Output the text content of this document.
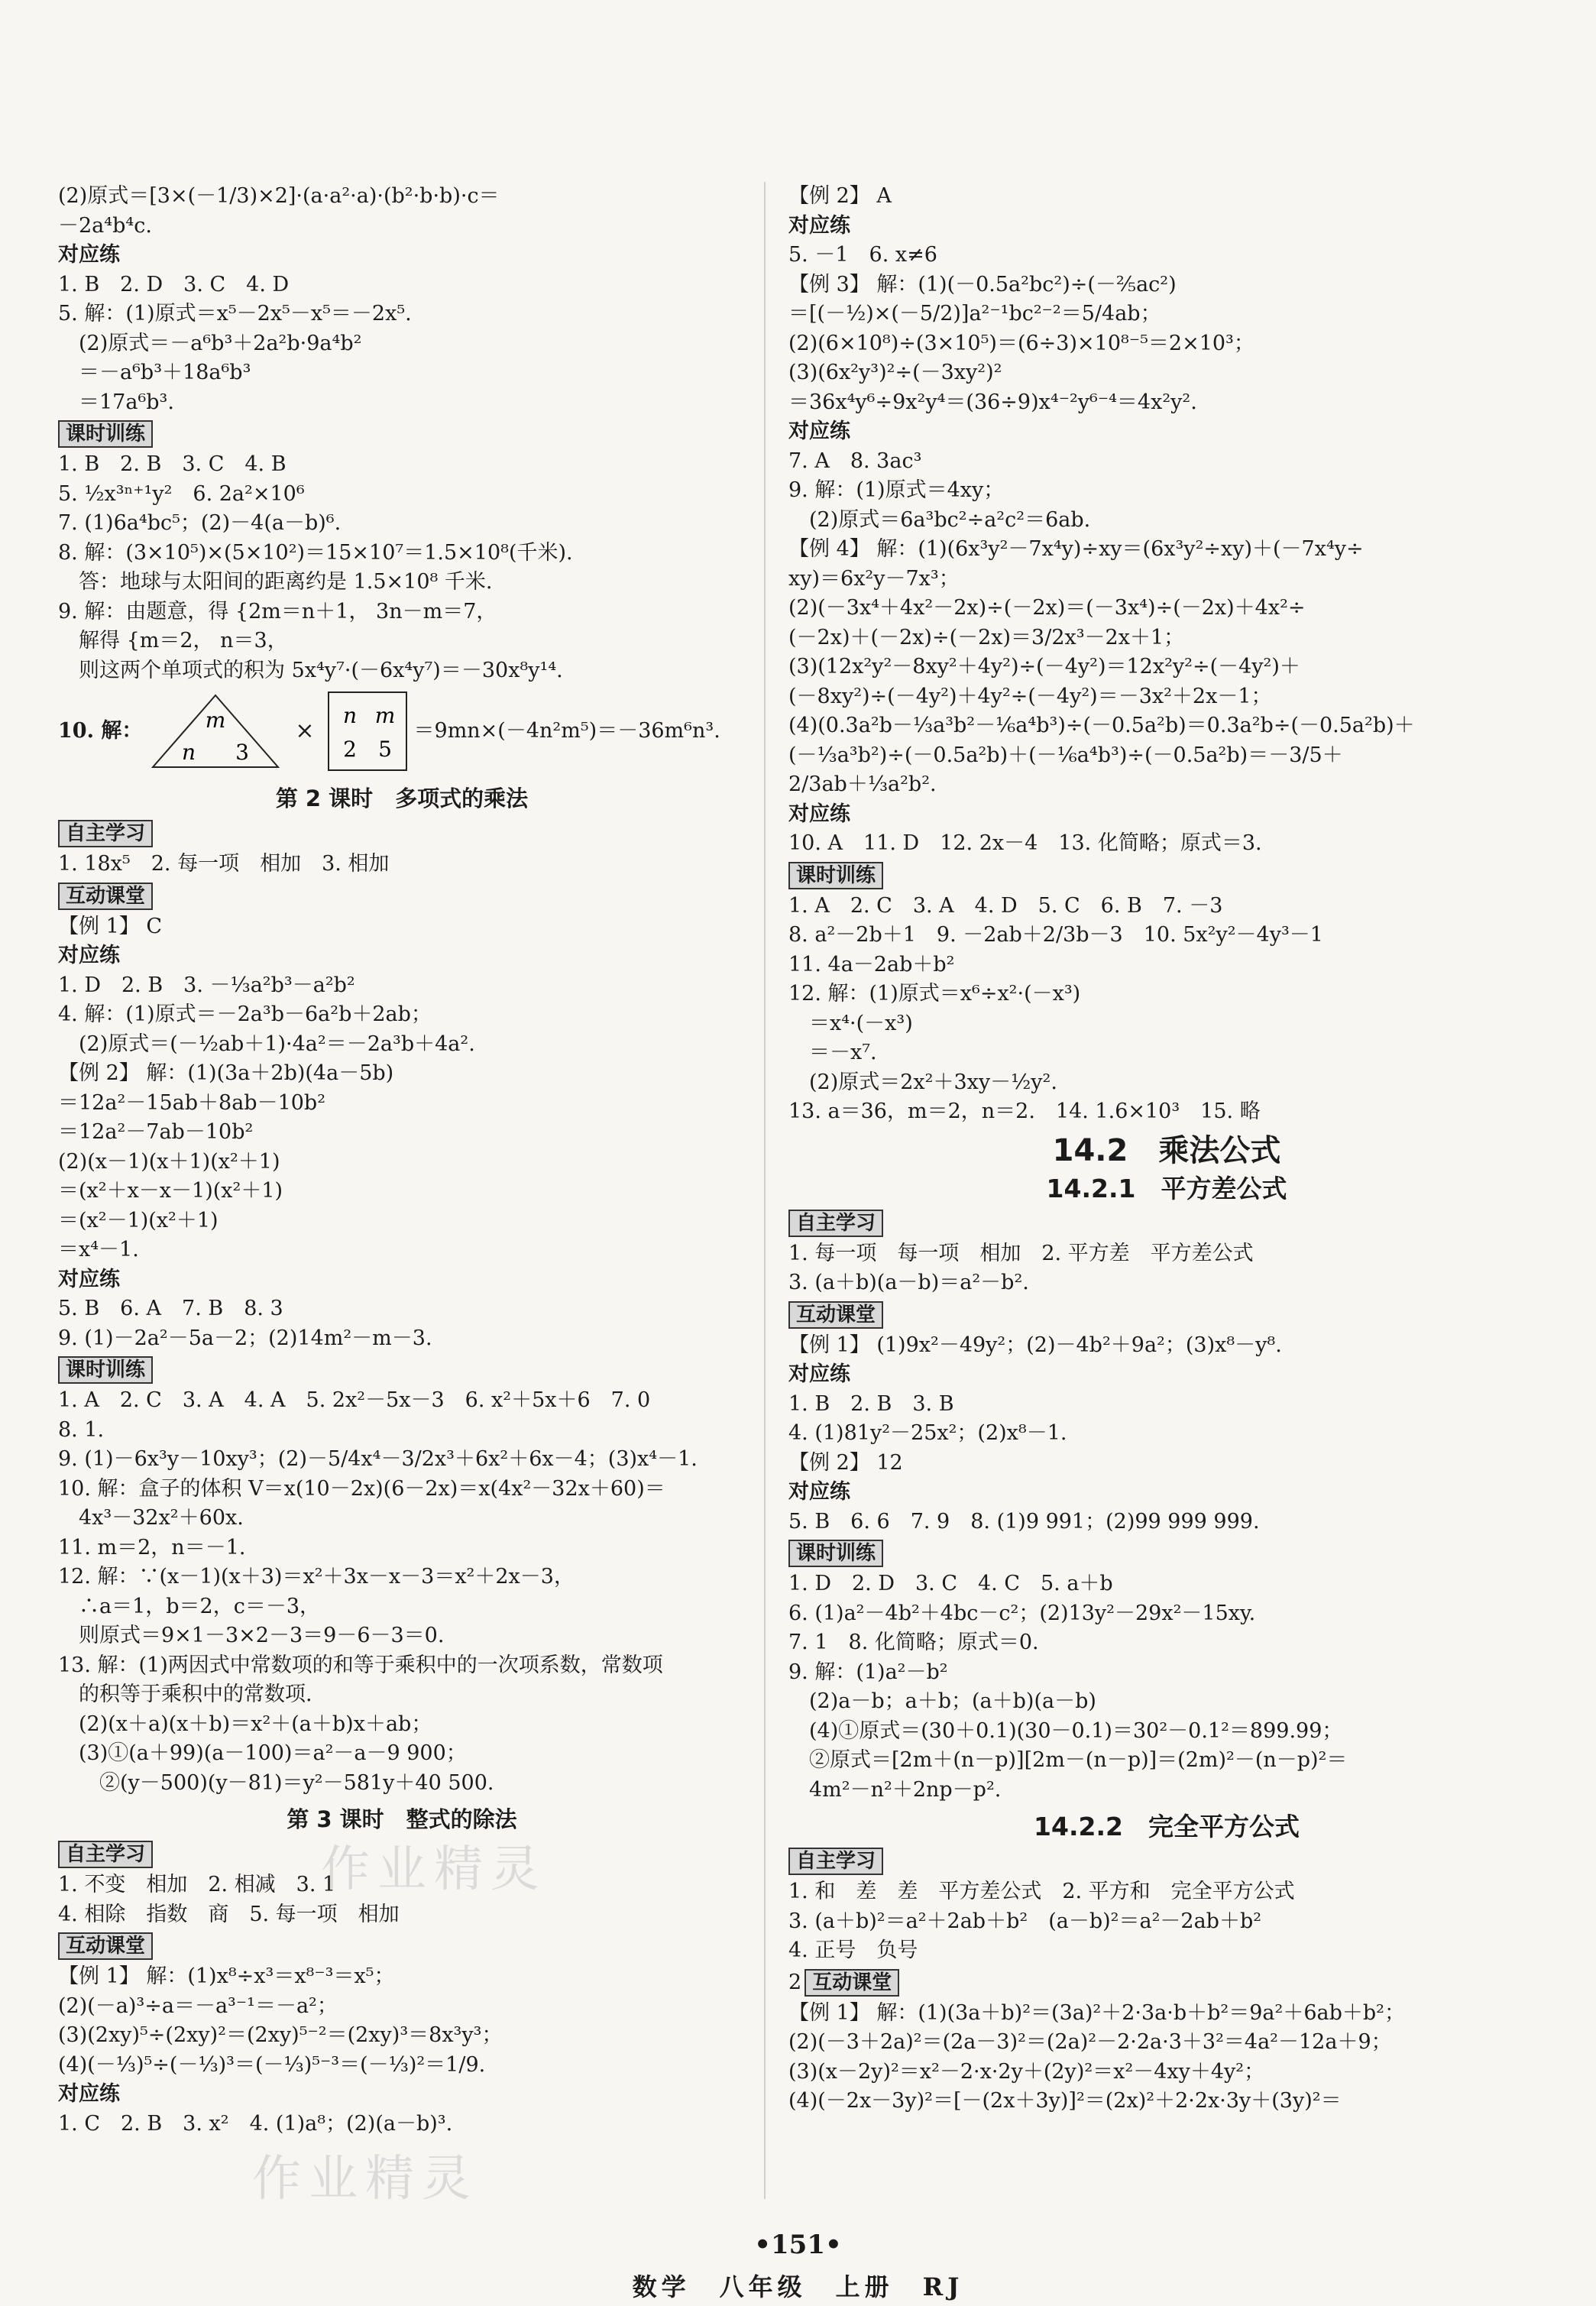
(2)原式＝[3×(－1/3)×2]·(a·a²·a)·(b²·b·b)·c＝
－2a⁴b⁴c.
对应练
1. B　2. D　3. C　4. D
5. 解：(1)原式＝x⁵－2x⁵－x⁵＝－2x⁵.
　(2)原式＝－a⁶b³＋2a²b·9a⁴b²
　＝－a⁶b³＋18a⁶b³
　＝17a⁶b³.
课时训练
1. B　2. B　3. C　4. B
5. ½x³ⁿ⁺¹y²　6. 2a²×10⁶
7. (1)6a⁴bc⁵；(2)－4(a－b)⁶.
8. 解：(3×10⁵)×(5×10²)＝15×10⁷＝1.5×10⁸(千米).
　答：地球与太阳间的距离约是 1.5×10⁸ 千米.
9. 解：由题意，得 {2m＝n＋1， 3n－m＝7，
　解得 {m＝2， n＝3，
　则这两个单项式的积为 5x⁴y⁷·(－6x⁴y⁷)＝－30x⁸y¹⁴.
10. 解：	m
n 3
×
n m
2 5
＝9mn×(－4n²m⁵)＝－36m⁶n³.
第 2 课时　多项式的乘法
自主学习
1. 18x⁵　2. 每一项　相加　3. 相加
互动课堂
【例 1】 C
对应练
1. D　2. B　3. －⅓a²b³－a²b²
4. 解：(1)原式＝－2a³b－6a²b＋2ab；
　(2)原式＝(－½ab＋1)·4a²＝－2a³b＋4a².
【例 2】 解：(1)(3a＋2b)(4a－5b)
＝12a²－15ab＋8ab－10b²
＝12a²－7ab－10b²
(2)(x－1)(x＋1)(x²＋1)
＝(x²＋x－x－1)(x²＋1)
＝(x²－1)(x²＋1)
＝x⁴－1.
对应练
5. B　6. A　7. B　8. 3
9. (1)－2a²－5a－2；(2)14m²－m－3.
课时训练
1. A　2. C　3. A　4. A　5. 2x²－5x－3　6. x²＋5x＋6　7. 0
8. 1.
9. (1)－6x³y－10xy³；(2)－5/4x⁴－3/2x³＋6x²＋6x－4；(3)x⁴－1.
10. 解：盒子的体积 V＝x(10－2x)(6－2x)＝x(4x²－32x＋60)＝
　4x³－32x²＋60x.
11. m＝2，n＝－1.
12. 解：∵(x－1)(x＋3)＝x²＋3x－x－3＝x²＋2x－3，
　∴a＝1，b＝2，c＝－3，
　则原式＝9×1－3×2－3＝9－6－3＝0.
13. 解：(1)两因式中常数项的和等于乘积中的一次项系数，常数项
　的积等于乘积中的常数项.
　(2)(x＋a)(x＋b)＝x²＋(a＋b)x＋ab；
　(3)①(a＋99)(a－100)＝a²－a－9 900；
　　②(y－500)(y－81)＝y²－581y＋40 500.
第 3 课时　整式的除法
自主学习
1. 不变　相加　2. 相减　3. 1
4. 相除　指数　商　5. 每一项　相加
互动课堂
【例 1】 解：(1)x⁸÷x³＝x⁸⁻³＝x⁵；
(2)(－a)³÷a＝－a³⁻¹＝－a²；
(3)(2xy)⁵÷(2xy)²＝(2xy)⁵⁻²＝(2xy)³＝8x³y³；
(4)(－⅓)⁵÷(－⅓)³＝(－⅓)⁵⁻³＝(－⅓)²＝1/9.
对应练
1. C　2. B　3. x²　4. (1)a⁸；(2)(a－b)³.
【例 2】 A
对应练
5. －1　6. x≠6
【例 3】 解：(1)(－0.5a²bc²)÷(－⅖ac²)
＝[(－½)×(－5/2)]a²⁻¹bc²⁻²＝5/4ab；
(2)(6×10⁸)÷(3×10⁵)＝(6÷3)×10⁸⁻⁵＝2×10³；
(3)(6x²y³)²÷(－3xy²)²
＝36x⁴y⁶÷9x²y⁴＝(36÷9)x⁴⁻²y⁶⁻⁴＝4x²y².
对应练
7. A　8. 3ac³
9. 解：(1)原式＝4xy；
　(2)原式＝6a³bc²÷a²c²＝6ab.
【例 4】 解：(1)(6x³y²－7x⁴y)÷xy＝(6x³y²÷xy)＋(－7x⁴y÷
xy)＝6x²y－7x³；
(2)(－3x⁴＋4x²－2x)÷(－2x)＝(－3x⁴)÷(－2x)＋4x²÷
(－2x)＋(－2x)÷(－2x)＝3/2x³－2x＋1；
(3)(12x²y²－8xy²＋4y²)÷(－4y²)＝12x²y²÷(－4y²)＋
(－8xy²)÷(－4y²)＋4y²÷(－4y²)＝－3x²＋2x－1；
(4)(0.3a²b－⅓a³b²－⅙a⁴b³)÷(－0.5a²b)＝0.3a²b÷(－0.5a²b)＋
(－⅓a³b²)÷(－0.5a²b)＋(－⅙a⁴b³)÷(－0.5a²b)＝－3/5＋
2/3ab＋⅓a²b².
对应练
10. A　11. D　12. 2x－4　13. 化简略；原式＝3.
课时训练
1. A　2. C　3. A　4. D　5. C　6. B　7. －3
8. a²－2b＋1　9. －2ab＋2/3b－3　10. 5x²y²－4y³－1
11. 4a－2ab＋b²
12. 解：(1)原式＝x⁶÷x²·(－x³)
　＝x⁴·(－x³)
　＝－x⁷.
　(2)原式＝2x²＋3xy－½y².
13. a＝36，m＝2，n＝2.　14. 1.6×10³　15. 略
14.2　乘法公式
14.2.1　平方差公式
自主学习
1. 每一项　每一项　相加　2. 平方差　平方差公式
3. (a＋b)(a－b)＝a²－b².
互动课堂
【例 1】 (1)9x²－49y²；(2)－4b²＋9a²；(3)x⁸－y⁸.
对应练
1. B　2. B　3. B
4. (1)81y²－25x²；(2)x⁸－1.
【例 2】 12
对应练
5. B　6. 6　7. 9　8. (1)9 991；(2)99 999 999.
课时训练
1. D　2. D　3. C　4. C　5. a＋b
6. (1)a²－4b²＋4bc－c²；(2)13y²－29x²－15xy.
7. 1　8. 化简略；原式＝0.
9. 解：(1)a²－b²
　(2)a－b；a＋b；(a＋b)(a－b)
　(4)①原式＝(30＋0.1)(30－0.1)＝30²－0.1²＝899.99；
　②原式＝[2m＋(n－p)][2m－(n－p)]＝(2m)²－(n－p)²＝
　4m²－n²＋2np－p².
14.2.2　完全平方公式
自主学习
1. 和　差　差　平方差公式　2. 平方和　完全平方公式
3. (a＋b)²＝a²＋2ab＋b²　(a－b)²＝a²－2ab＋b²
4. 正号　负号
2 互动课堂
【例 1】 解：(1)(3a＋b)²＝(3a)²＋2·3a·b＋b²＝9a²＋6ab＋b²；
(2)(－3＋2a)²＝(2a－3)²＝(2a)²－2·2a·3＋3²＝4a²－12a＋9；
(3)(x－2y)²＝x²－2·x·2y＋(2y)²＝x²－4xy＋4y²；
(4)(－2x－3y)²＝[－(2x＋3y)]²＝(2x)²＋2·2x·3y＋(3y)²＝
作业精灵
作业精灵
•151•
数学　八年级　上册　RJ
